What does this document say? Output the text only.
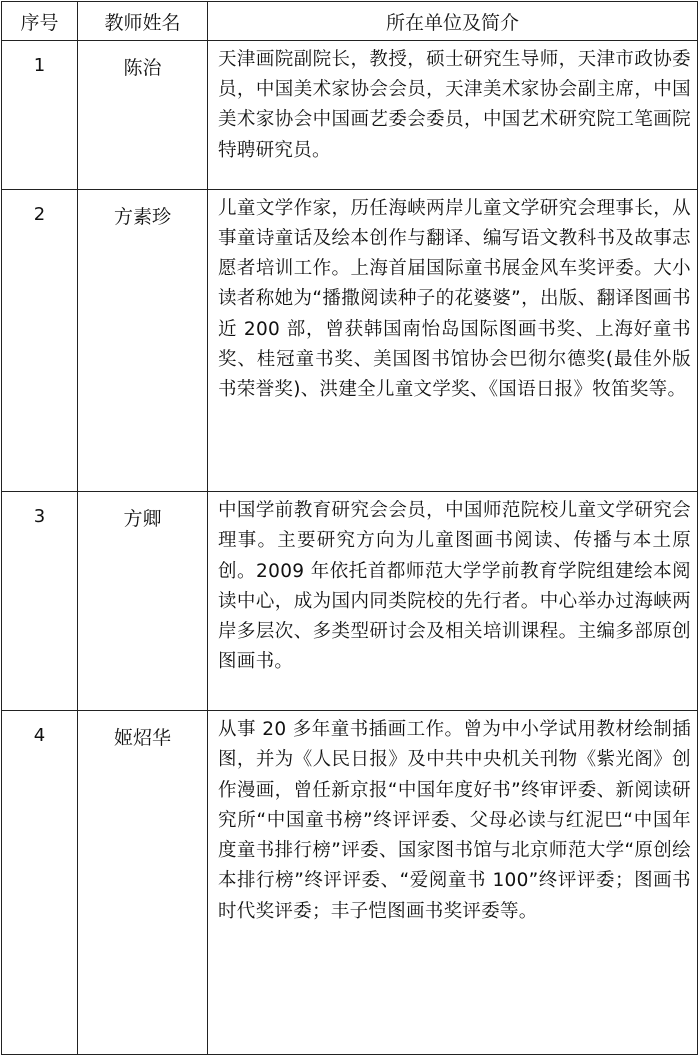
序号	教师姓名	所在单位及简介
1	陈治	天津画院副院长，教授，硕士研究生导师，天津市政协委员，中国美术家协会会员，天津美术家协会副主席，中国美术家协会中国画艺委会委员，中国艺术研究院工笔画院特聘研究员。
2	方素珍	儿童文学作家，历任海峡两岸儿童文学研究会理事长，从事童诗童话及绘本创作与翻译、编写语文教科书及故事志愿者培训工作。上海首届国际童书展金风车奖评委。大小读者称她为“播撒阅读种子的花婆婆”，出版、翻译图画书近 200 部，曾获韩国南怡岛国际图画书奖、上海好童书奖、桂冠童书奖、美国图书馆协会巴彻尔德奖(最佳外版书荣誉奖)、洪建全儿童文学奖、《国语日报》牧笛奖等。
3	方卿	中国学前教育研究会会员，中国师范院校儿童文学研究会理事。主要研究方向为儿童图画书阅读、传播与本土原创。2009 年依托首都师范大学学前教育学院组建绘本阅读中心，成为国内同类院校的先行者。中心举办过海峡两岸多层次、多类型研讨会及相关培训课程。主编多部原创图画书。
4	姬炤华	从事 20 多年童书插画工作。曾为中小学试用教材绘制插图，并为《人民日报》及中共中央机关刊物《紫光阁》创作漫画，曾任新京报“中国年度好书”终审评委、新阅读研究所“中国童书榜”终评评委、父母必读与红泥巴“中国年度童书排行榜”评委、国家图书馆与北京师范大学“原创绘本排行榜”终评评委、“爱阅童书 100”终评评委；图画书时代奖评委；丰子恺图画书奖评委等。
